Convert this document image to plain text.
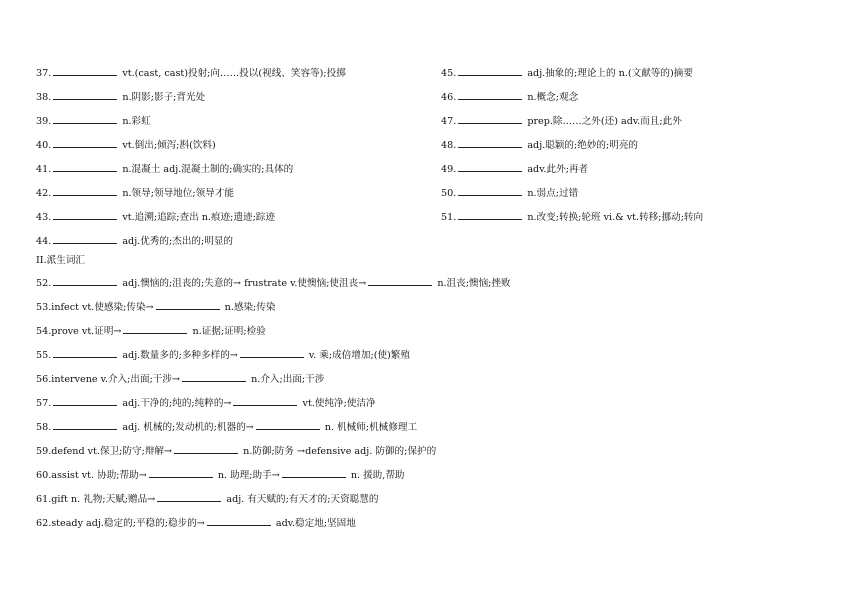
37.	vt.(cast, cast)投射;向……投以(视线、笑容等);投掷
38.	n.阴影;影子;背光处
39.	n.彩虹
40.	vt.倒出;倾泻;斟(饮料)
41.	n.混凝土 adj.混凝土制的;确实的;具体的
42.	n.领导;领导地位;领导才能
43.	vt.追溯;追踪;查出 n.痕迹;遗迹;踪迹
44.	adj.优秀的;杰出的;明显的
45.	adj.抽象的;理论上的 n.(文献等的)摘要
46.	n.概念;观念
47.	prep.除……之外(还) adv.而且;此外
48.	adj.聪颖的;绝妙的;明亮的
49.	adv.此外;再者
50.	n.弱点;过错
51.	n.改变;转换;轮班 vi.& vt.转移;挪动;转向
II.派生词汇
52.	adj.懊恼的;沮丧的;失意的→ frustrate v.使懊恼;使沮丧→	n.沮丧;懊恼;挫败
53.infect vt.使感染;传染→	n.感染;传染
54.prove vt.证明→	n.证据;证明;检验
55.	adj.数量多的;多种多样的→	v. 乘;成倍增加;(使)繁殖
56.intervene v.介入;出面;干涉→	n.介入;出面;干涉
57.	adj.干净的;纯的;纯粹的→	vt.使纯净;使洁净
58.	adj. 机械的;发动机的;机器的→	n. 机械师;机械修理工
59.defend vt.保卫;防守;辩解→	n.防御;防务 →defensive adj. 防御的;保护的
60.assist vt. 协助;帮助→	n. 助理;助手→	n. 援助,帮助
61.gift n. 礼物;天赋;赠品→	adj. 有天赋的;有天才的;天资聪慧的
62.steady adj.稳定的;平稳的;稳步的→	adv.稳定地;坚固地
